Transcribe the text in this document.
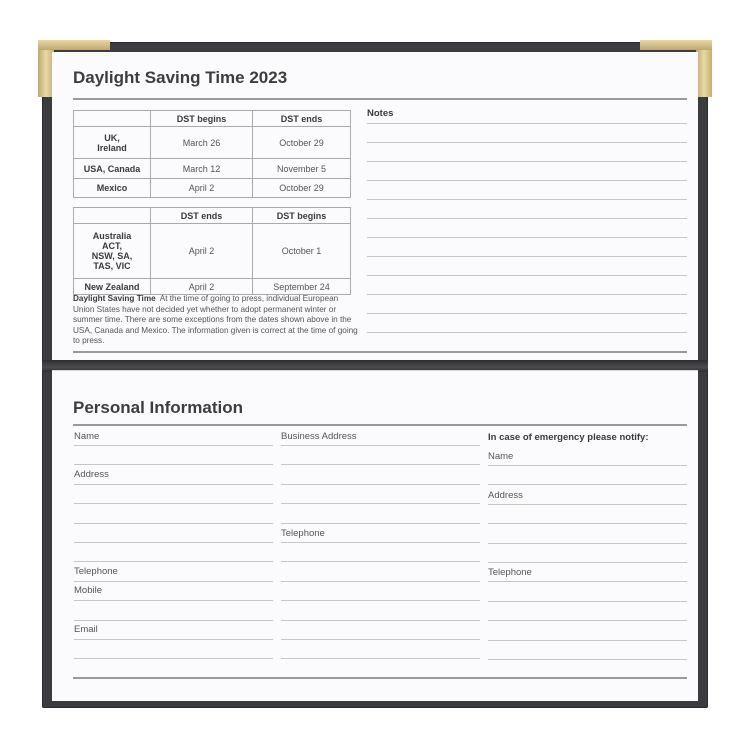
Daylight Saving Time 2023
	DST begins	DST ends
UK,
Ireland	March 26	October 29
USA, Canada	March 12	November 5
Mexico	April 2	October 29
	DST ends	DST begins
Australia
ACT,
NSW, SA,
TAS, VIC	April 2	October 1
New Zealand	April 2	September 24
Daylight Saving Time At the time of going to press, individual European Union States have not decided yet whether to adopt permanent winter or summer time. There are some exceptions from the dates shown above in the USA, Canada and Mexico. The information given is correct at the time of going to press.
Notes
Personal Information
Name
Address
Telephone
Mobile
Email
Business Address
Telephone
In case of emergency please notify:
Name
Address
Telephone
